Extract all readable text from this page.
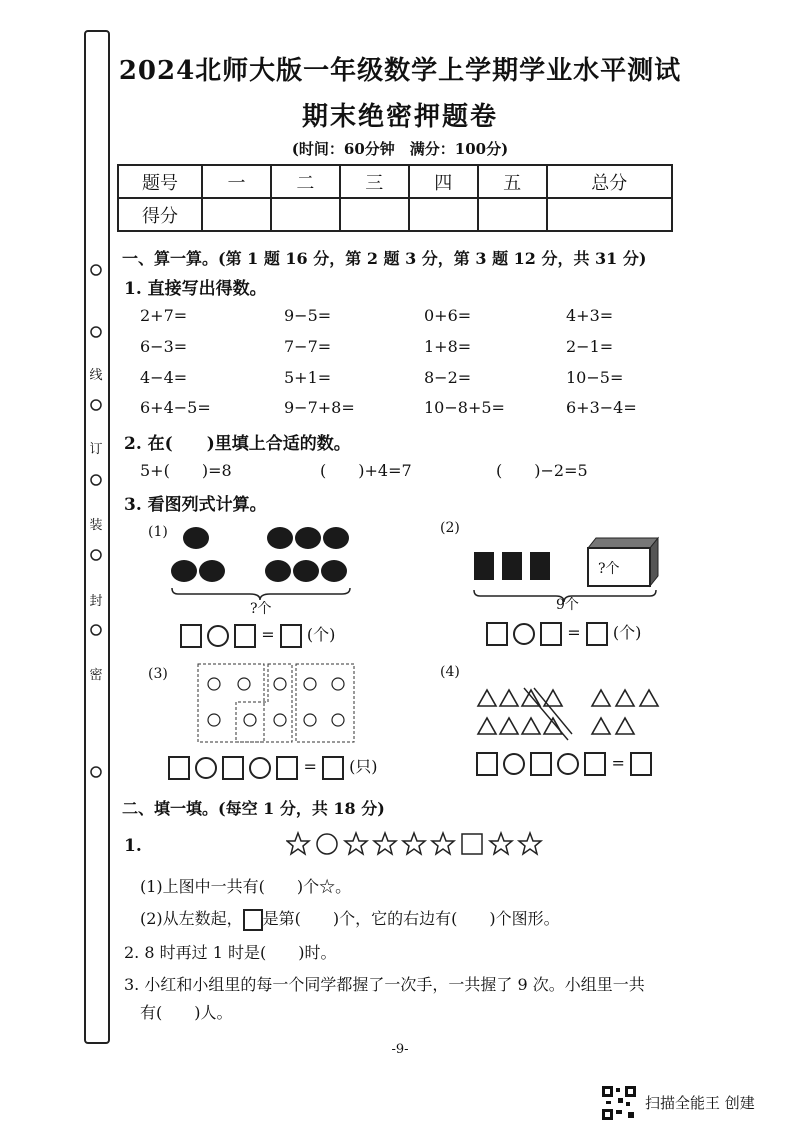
线
订
装
封
密
2024北师大版一年级数学上学期学业水平测试
期末绝密押题卷
(时间：60分钟　满分：100分)
题号	一	二	三	四	五	总分
得分						
一、算一算。(第 1 题 16 分，第 2 题 3 分，第 3 题 12 分，共 31 分)
1. 直接写出得数。
2+7=	9−5=	0+6=	4+3=
6−3=	7−7=	1+8=	2−1=
4−4=	5+1=	8−2=	10−5=
6+4−5=	9−7+8=	10−8+5=	6+3−4=
2. 在(　　)里填上合适的数。
5+(　　)=8	(　　)+4=7	(　　)−2=5
3. 看图列式计算。
(1)
?个
= (个)
(2)
?个
9个
= (个)
(3)
= (只)
(4)
=
二、填一填。(每空 1 分，共 18 分)
1.
(1)上图中一共有(　　)个☆。
(2)从左数起， 是第(　　)个，它的右边有(　　)个图形。
2. 8 时再过 1 时是(　　)时。
3. 小红和小组里的每一个同学都握了一次手，一共握了 9 次。小组里一共
有(　　)人。
-9-
扫描全能王 创建
